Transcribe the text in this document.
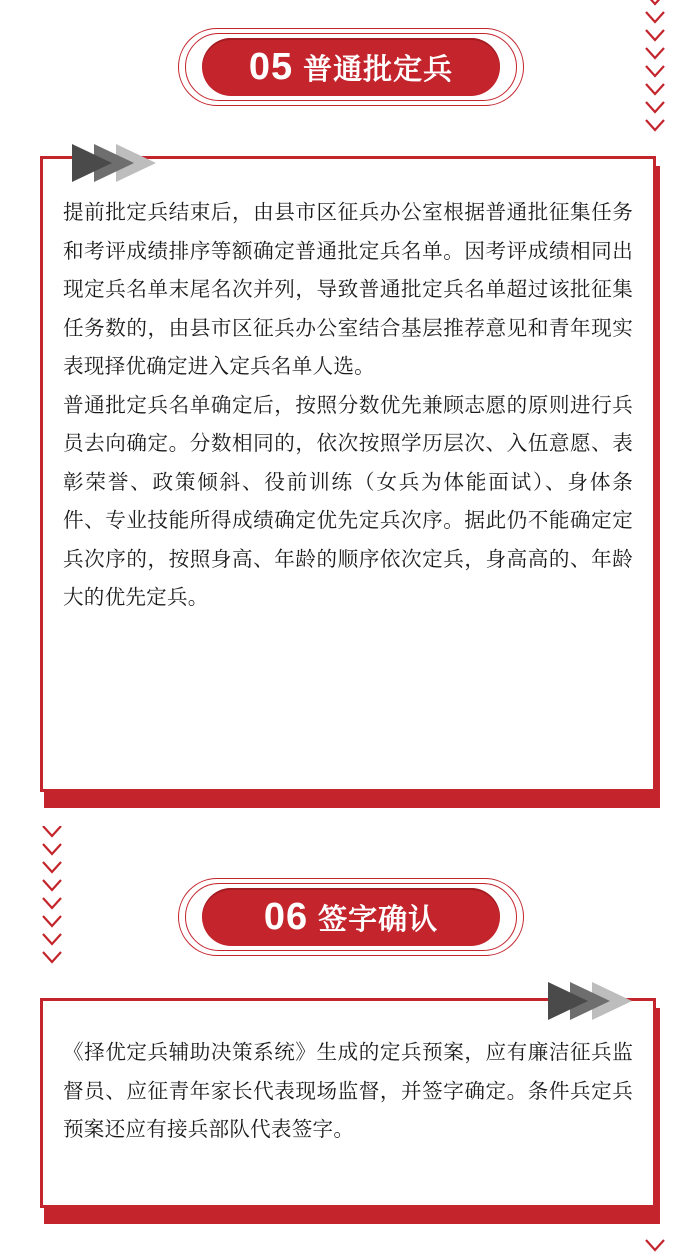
05 普通批定兵

提前批定兵结束后，由县市区征兵办公室根据普通批征集任务和考评成绩排序等额确定普通批定兵名单。因考评成绩相同出现定兵名单末尾名次并列，导致普通批定兵名单超过该批征集任务数的，由县市区征兵办公室结合基层推荐意见和青年现实表现择优确定进入定兵名单人选。

普通批定兵名单确定后，按照分数优先兼顾志愿的原则进行兵员去向确定。分数相同的，依次按照学历层次、入伍意愿、表彰荣誉、政策倾斜、役前训练（女兵为体能面试）、身体条件、专业技能所得成绩确定优先定兵次序。据此仍不能确定定兵次序的，按照身高、年龄的顺序依次定兵，身高高的、年龄大的优先定兵。

06 签字确认

《择优定兵辅助决策系统》生成的定兵预案，应有廉洁征兵监督员、应征青年家长代表现场监督，并签字确定。条件兵定兵预案还应有接兵部队代表签字。
